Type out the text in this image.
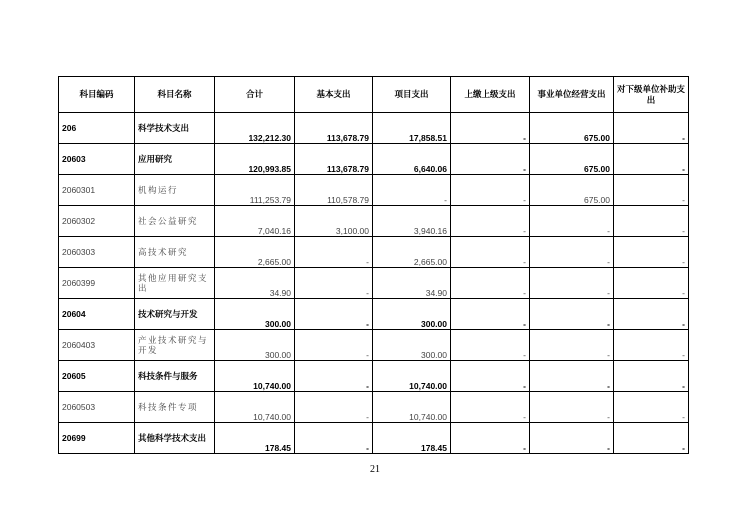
科目编码	科目名称	合计	基本支出	项目支出	上缴上级支出	事业单位经营支出	对下级单位补助支出
206	科学技术支出	132,212.30	113,678.79	17,858.51	-	675.00	-
20603	应用研究	120,993.85	113,678.79	6,640.06	-	675.00	-
2060301	机构运行	111,253.79	110,578.79	-	-	675.00	-
2060302	社会公益研究	7,040.16	3,100.00	3,940.16	-	-	-
2060303	高技术研究	2,665.00	-	2,665.00	-	-	-
2060399	其他应用研究支出	34.90	-	34.90	-	-	-
20604	技术研究与开发	300.00	-	300.00	-	-	-
2060403	产业技术研究与开发	300.00	-	300.00	-	-	-
20605	科技条件与服务	10,740.00	-	10,740.00	-	-	-
2060503	科技条件专项	10,740.00	-	10,740.00	-	-	-
20699	其他科学技术支出	178.45	-	178.45	-	-	-
21
